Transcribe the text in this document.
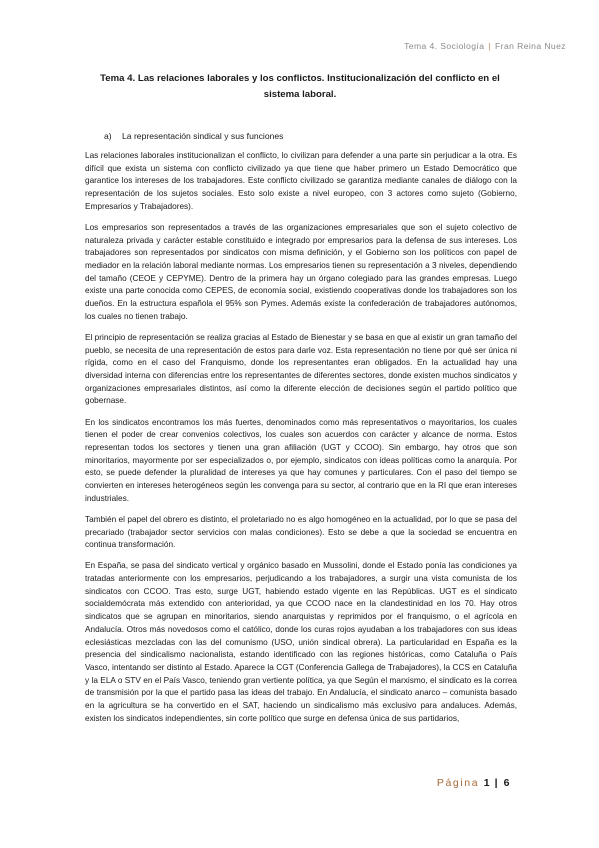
Tema 4. Sociología | Fran Reina Nuez
Tema 4. Las relaciones laborales y los conflictos. Institucionalización del conflicto en el sistema laboral.
a) La representación sindical y sus funciones

Las relaciones laborales institucionalizan el conflicto, lo civilizan para defender a una parte sin perjudicar a la otra. Es difícil que exista un sistema con conflicto civilizado ya que tiene que haber primero un Estado Democrático que garantice los intereses de los trabajadores. Este conflicto civilizado se garantiza mediante canales de diálogo con la representación de los sujetos sociales. Esto solo existe a nivel europeo, con 3 actores como sujeto (Gobierno, Empresarios y Trabajadores).

Los empresarios son representados a través de las organizaciones empresariales que son el sujeto colectivo de naturaleza privada y carácter estable constituido e integrado por empresarios para la defensa de sus intereses. Los trabajadores son representados por sindicatos con misma definición, y el Gobierno son los políticos con papel de mediador en la relación laboral mediante normas. Los empresarios tienen su representación a 3 niveles, dependiendo del tamaño (CEOE y CEPYME). Dentro de la primera hay un órgano colegiado para las grandes empresas. Luego existe una parte conocida como CEPES, de economía social, existiendo cooperativas donde los trabajadores son los dueños. En la estructura española el 95% son Pymes. Además existe la confederación de trabajadores autónomos, los cuales no tienen trabajo.

El principio de representación se realiza gracias al Estado de Bienestar y se basa en que al existir un gran tamaño del pueblo, se necesita de una representación de estos para darle voz. Esta representación no tiene por qué ser única ni rígida, como en el caso del Franquismo, donde los representantes eran obligados. En la actualidad hay una diversidad interna con diferencias entre los representantes de diferentes sectores, donde existen muchos sindicatos y organizaciones empresariales distintos, así como la diferente elección de decisiones según el partido político que gobernase.

En los sindicatos encontramos los más fuertes, denominados como más representativos o mayoritarios, los cuales tienen el poder de crear convenios colectivos, los cuales son acuerdos con carácter y alcance de norma. Estos representan todos los sectores y tienen una gran afiliación (UGT y CCOO). Sin embargo, hay otros que son minoritarios, mayormente por ser especializados o, por ejemplo, sindicatos con ideas políticas como la anarquía. Por esto, se puede defender la pluralidad de intereses ya que hay comunes y particulares. Con el paso del tiempo se convierten en intereses heterogéneos según les convenga para su sector, al contrario que en la RI que eran intereses industriales.

También el papel del obrero es distinto, el proletariado no es algo homogéneo en la actualidad, por lo que se pasa del precariado (trabajador sector servicios con malas condiciones). Esto se debe a que la sociedad se encuentra en continua transformación.

En España, se pasa del sindicato vertical y orgánico basado en Mussolini, donde el Estado ponía las condiciones ya tratadas anteriormente con los empresarios, perjudicando a los trabajadores, a surgir una vista comunista de los sindicatos con CCOO. Tras esto, surge UGT, habiendo estado vigente en las Repúblicas. UGT es el sindicato socialdemócrata más extendido con anterioridad, ya que CCOO nace en la clandestinidad en los 70. Hay otros sindicatos que se agrupan en minoritarios, siendo anarquistas y reprimidos por el franquismo, o el agrícola en Andalucía. Otros más novedosos como el católico, donde los curas rojos ayudaban a los trabajadores con sus ideas eclesiásticas mezcladas con las del comunismo (USO, unión sindical obrera). La particularidad en España es la presencia del sindicalismo nacionalista, estando identificado con las regiones históricas, como Cataluña o País Vasco, intentando ser distinto al Estado. Aparece la CGT (Conferencia Gallega de Trabajadores), la CCS en Cataluña y la ELA o STV en el País Vasco, teniendo gran vertiente política, ya que Según el marxismo, el sindicato es la correa de transmisión por la que el partido pasa las ideas del trabajo. En Andalucía, el sindicato anarco – comunista basado en la agricultura se ha convertido en el SAT, haciendo un sindicalismo más exclusivo para andaluces. Además, existen los sindicatos independientes, sin corte político que surge en defensa única de sus partidarios,

Página 1 | 6
